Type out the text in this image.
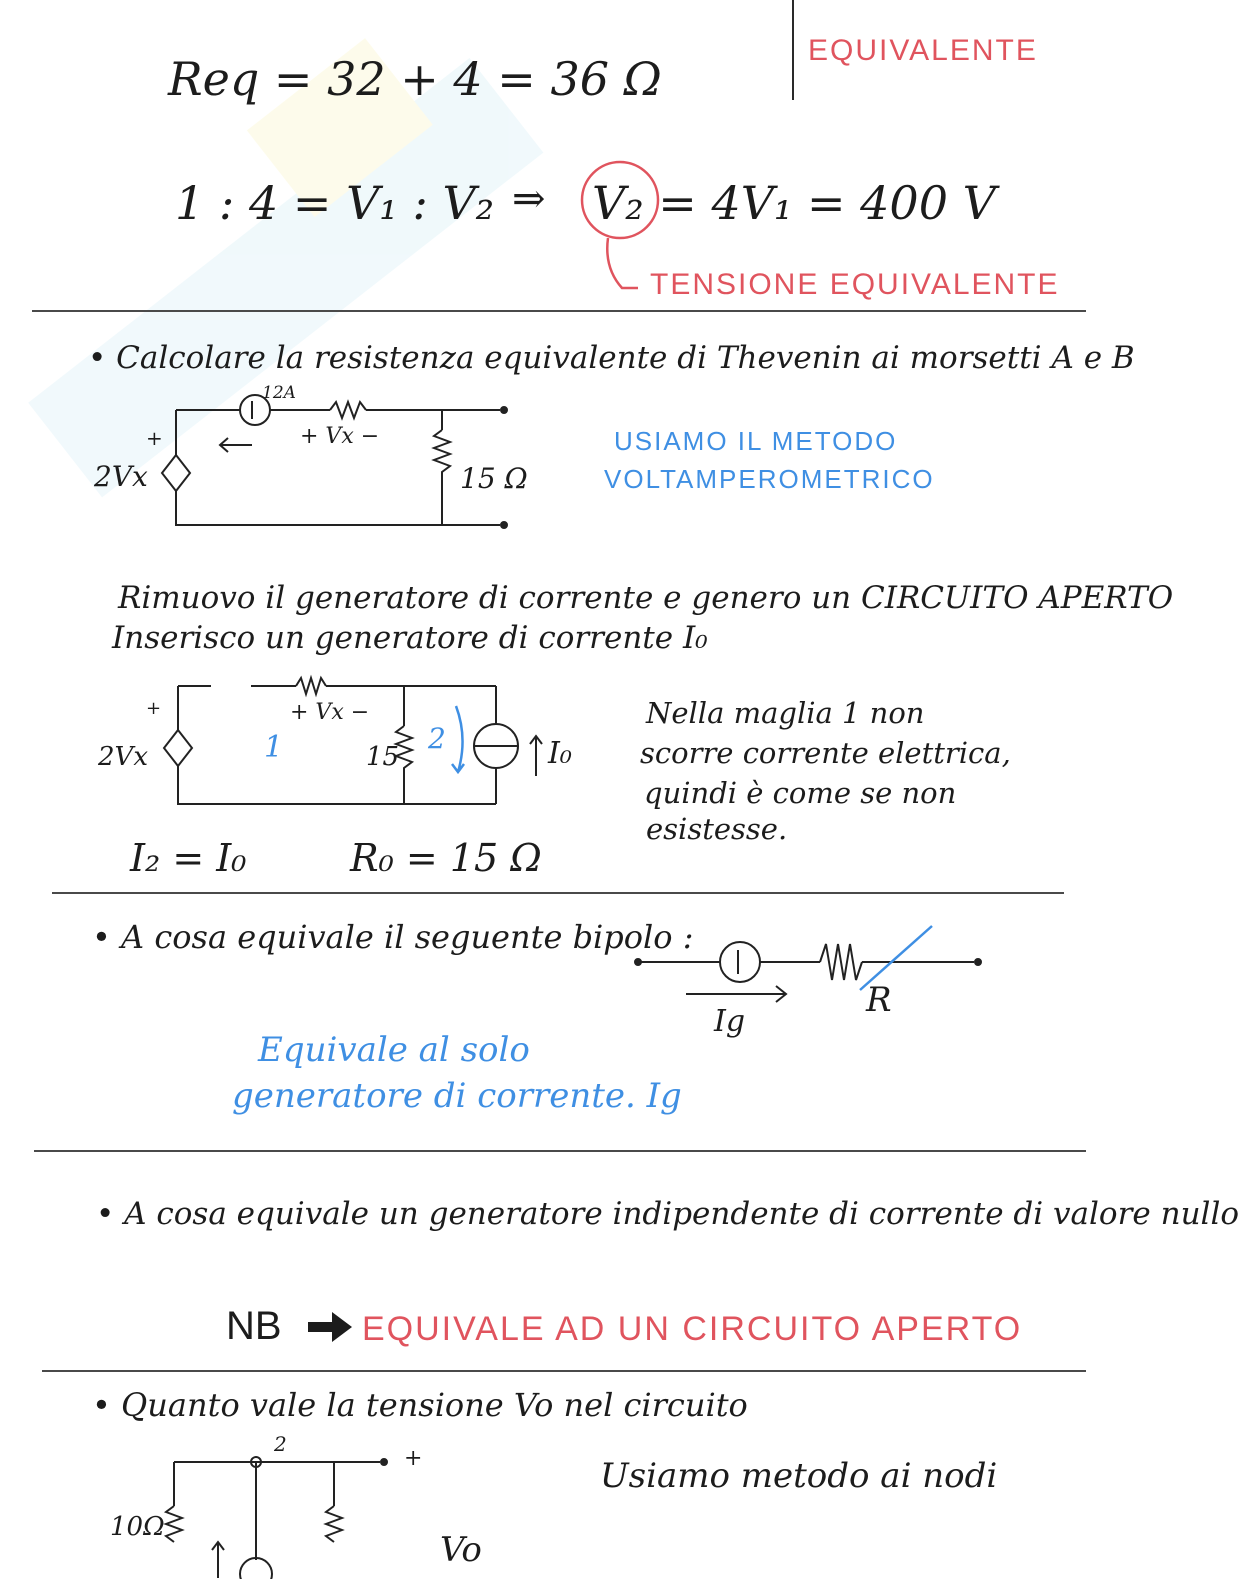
Req = 32 + 4 = 36 Ω
EQUIVALENTE
1 : 4 = V₁ : V₂ ⇒ V₂ = 4V₁ = 400 V
TENSIONE EQUIVALENTE
• Calcolare la resistenza equivalente di Thevenin ai morsetti A e B
12A
+ Vx −
+
2Vx	15 Ω
USIAMO IL METODO
VOLTAMPEROMETRICO
Rimuovo il generatore di corrente e genero un CIRCUITO APERTO
Inserisco un generatore di corrente I₀
+ Vx −
+
2Vx	1	2
15	I₀
Nella maglia 1 non
scorre corrente elettrica,
quindi è come se non
esistesse.
I₂ = I₀	R₀ = 15 Ω
• A cosa equivale il seguente bipolo :
Ig
R
Equivale al solo
generatore di corrente. Ig
• A cosa equivale un generatore indipendente di corrente di valore nullo
NB EQUIVALE AD UN CIRCUITO APERTO
• Quanto vale la tensione Vo nel circuito
Usiamo metodo ai nodi
2
+
10Ω
Vo
